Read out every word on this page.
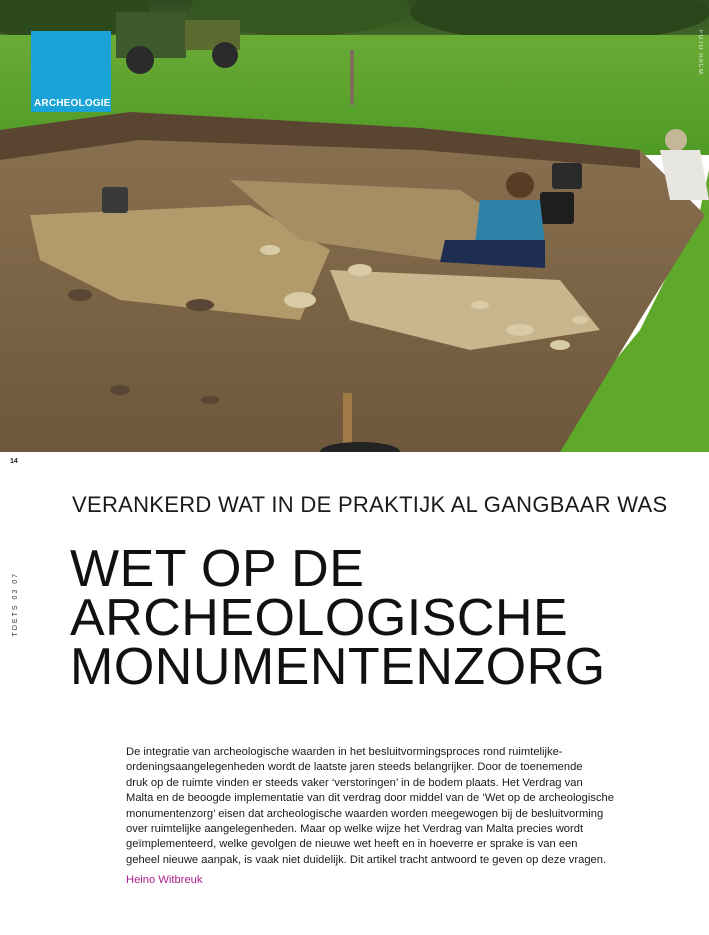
ARCHEOLOGIE
FOTO RACM
14
TOETS 03 07
VERANKERD WAT IN DE PRAKTIJK AL GANGBAAR WAS
WET OP DE
ARCHEOLOGISCHE
MONUMENTENZORG
De integratie van archeologische waarden in het besluitvormingsproces rond ruimtelijke-
ordeningsaangelegenheden wordt de laatste jaren steeds belangrijker. Door de toenemende
druk op de ruimte vinden er steeds vaker ‘verstoringen’ in de bodem plaats. Het Verdrag van
Malta en de beoogde implementatie van dit verdrag door middel van de ‘Wet op de archeologische
monumentenzorg’ eisen dat archeologische waarden worden meegewogen bij de besluitvorming
over ruimtelijke aangelegenheden. Maar op welke wijze het Verdrag van Malta precies wordt
geïmplementeerd, welke gevolgen de nieuwe wet heeft en in hoeverre er sprake is van een
geheel nieuwe aanpak, is vaak niet duidelijk. Dit artikel tracht antwoord te geven op deze vragen.
Heino Witbreuk
